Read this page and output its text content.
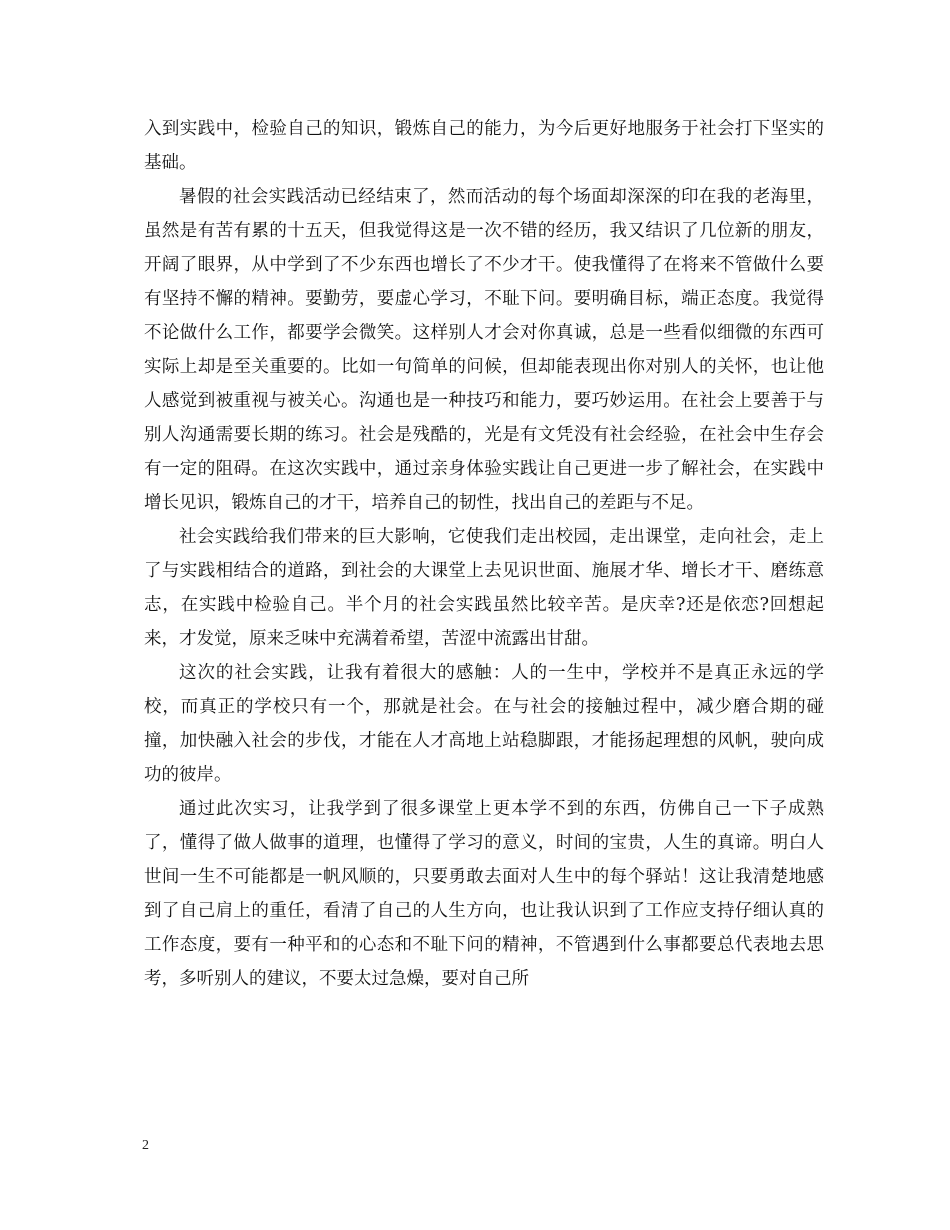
入到实践中，检验自己的知识，锻炼自己的能力，为今后更好地服务于社会打下坚实的基础。

暑假的社会实践活动已经结束了，然而活动的每个场面却深深的印在我的老海里，虽然是有苦有累的十五天，但我觉得这是一次不错的经历，我又结识了几位新的朋友，开阔了眼界，从中学到了不少东西也增长了不少才干。使我懂得了在将来不管做什么要有坚持不懈的精神。要勤劳，要虚心学习，不耻下问。要明确目标，端正态度。我觉得不论做什么工作，都要学会微笑。这样别人才会对你真诚，总是一些看似细微的东西可实际上却是至关重要的。比如一句简单的问候，但却能表现出你对别人的关怀，也让他人感觉到被重视与被关心。沟通也是一种技巧和能力，要巧妙运用。在社会上要善于与别人沟通需要长期的练习。社会是残酷的，光是有文凭没有社会经验，在社会中生存会有一定的阻碍。在这次实践中，通过亲身体验实践让自己更进一步了解社会，在实践中增长见识，锻炼自己的才干，培养自己的韧性，找出自己的差距与不足。

社会实践给我们带来的巨大影响，它使我们走出校园，走出课堂，走向社会，走上了与实践相结合的道路，到社会的大课堂上去见识世面、施展才华、增长才干、磨练意志，在实践中检验自己。半个月的社会实践虽然比较辛苦。是庆幸?还是依恋?回想起来，才发觉，原来乏味中充满着希望，苦涩中流露出甘甜。

这次的社会实践，让我有着很大的感触：人的一生中，学校并不是真正永远的学校，而真正的学校只有一个，那就是社会。在与社会的接触过程中，减少磨合期的碰撞，加快融入社会的步伐，才能在人才高地上站稳脚跟，才能扬起理想的风帆，驶向成功的彼岸。

通过此次实习，让我学到了很多课堂上更本学不到的东西，仿佛自己一下子成熟了，懂得了做人做事的道理，也懂得了学习的意义，时间的宝贵，人生的真谛。明白人世间一生不可能都是一帆风顺的，只要勇敢去面对人生中的每个驿站！这让我清楚地感到了自己肩上的重任，看清了自己的人生方向，也让我认识到了工作应支持仔细认真的工作态度，要有一种平和的心态和不耻下问的精神，不管遇到什么事都要总代表地去思考，多听别人的建议，不要太过急燥，要对自己所

2
